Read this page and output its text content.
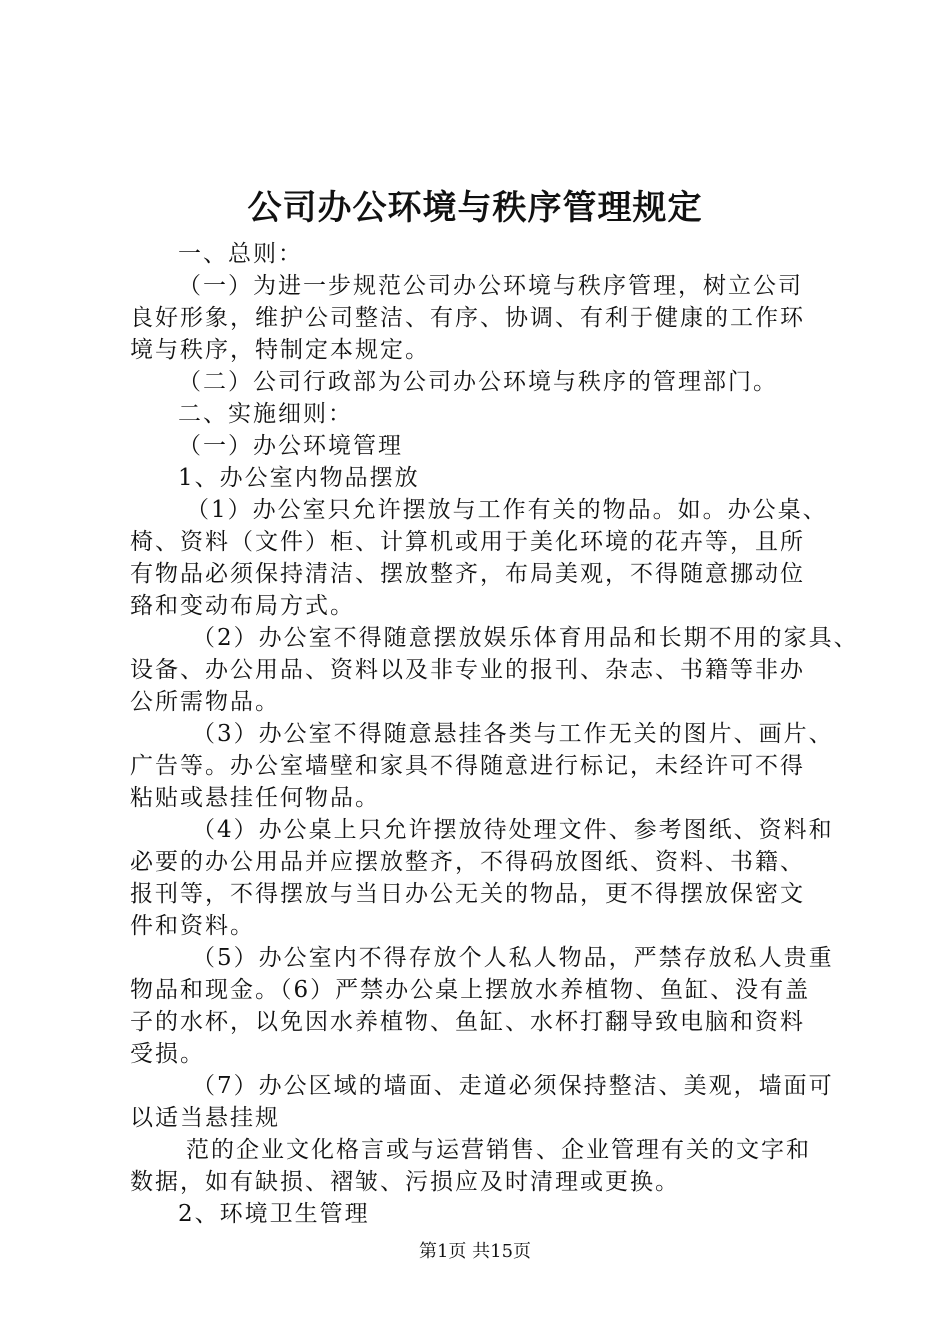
公司办公环境与秩序管理规定

一、总则：

（一）为进一步规范公司办公环境与秩序管理，树立公司

良好形象，维护公司整洁、有序、协调、有利于健康的工作环

境与秩序，特制定本规定。

（二）公司行政部为公司办公环境与秩序的管理部门。

二、实施细则：

（一）办公环境管理

1、办公室内物品摆放

（1）办公室只允许摆放与工作有关的物品。如。办公桌、

椅、资料（文件）柜、计算机或用于美化环境的花卉等，且所

有物品必须保持清洁、摆放整齐，布局美观，不得随意挪动位

臵和变动布局方式。

（2）办公室不得随意摆放娱乐体育用品和长期不用的家具、

设备、办公用品、资料以及非专业的报刊、杂志、书籍等非办

公所需物品。

（3）办公室不得随意悬挂各类与工作无关的图片、画片、

广告等。办公室墙壁和家具不得随意进行标记，未经许可不得

粘贴或悬挂任何物品。

（4）办公桌上只允许摆放待处理文件、参考图纸、资料和

必要的办公用品并应摆放整齐，不得码放图纸、资料、书籍、

报刊等，不得摆放与当日办公无关的物品，更不得摆放保密文

件和资料。

（5）办公室内不得存放个人私人物品，严禁存放私人贵重

物品和现金。（6）严禁办公桌上摆放水养植物、鱼缸、没有盖

子的水杯，以免因水养植物、鱼缸、水杯打翻导致电脑和资料

受损。

（7）办公区域的墙面、走道必须保持整洁、美观，墙面可

以适当悬挂规

范的企业文化格言或与运营销售、企业管理有关的文字和

数据，如有缺损、褶皱、污损应及时清理或更换。

2、环境卫生管理

第1页 共15页
